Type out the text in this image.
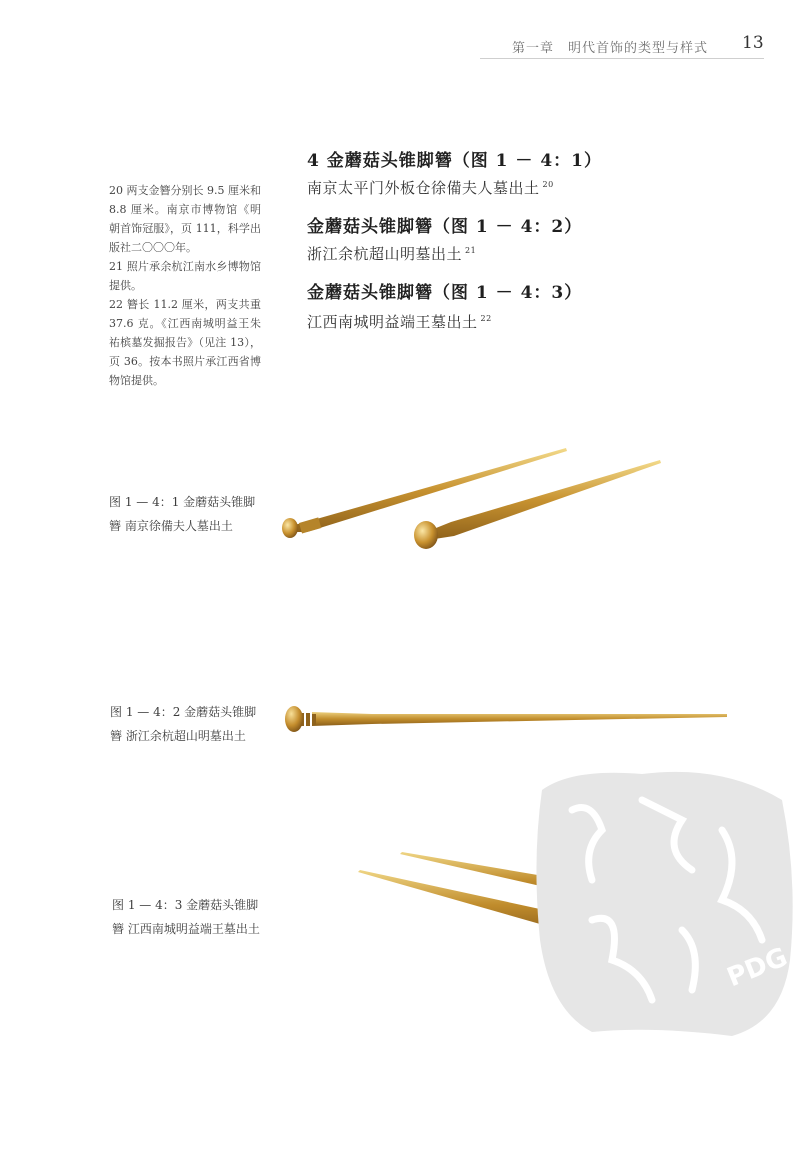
第一章　明代首饰的类型与样式 13
4 金蘑菇头锥脚簪（图 1 － 4：1）
南京太平门外板仓徐備夫人墓出土 $^{20}$
金蘑菇头锥脚簪（图 1 － 4：2）
浙江余杭超山明墓出土 $^{21}$
金蘑菇头锥脚簪（图 1 － 4：3）
江西南城明益端王墓出土 $^{22}$

20 两支金簪分别长 9.5 厘米和 8.8 厘米。南京市博物馆《明朝首饰冠服》，页 111，科学出版社二〇〇〇年。

21 照片承余杭江南水乡博物馆提供。

22 簪长 11.2 厘米，两支共重 37.6 克。《江西南城明益王朱祐槟墓发掘报告》（见注 13），页 36。按本书照片承江西省博物馆提供。

图 1 — 4：1 金蘑菇头锥脚簪 南京徐備夫人墓出土
图 1 — 4：2 金蘑菇头锥脚簪 浙江余杭超山明墓出土
图 1 — 4：3 金蘑菇头锥脚簪 江西南城明益端王墓出土
PDG
